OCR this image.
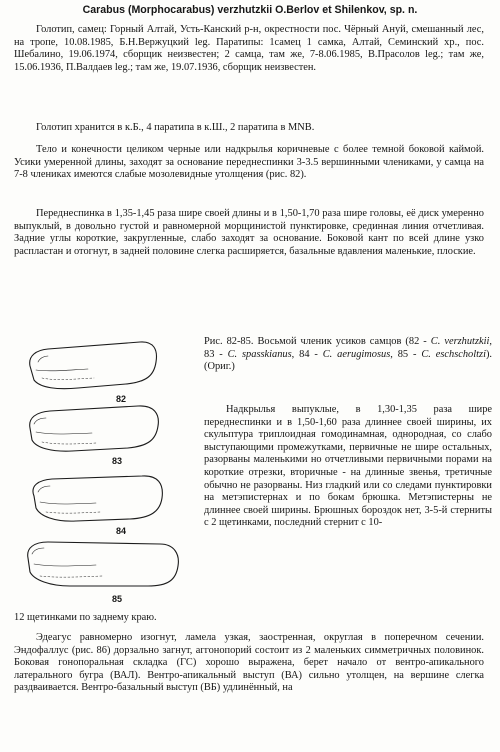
Carabus (Morphocarabus) verzhutzkii O.Berlov et Shilenkov, sp. n.

Голотип, самец: Горный Алтай, Усть-Канский р-н, окрестности пос. Чёрный Ануй, смешанный лес, на тропе, 10.08.1985, Б.Н.Вержуцкий leg. Паратипы: 1самец 1 самка, Алтай, Семинский хр., пос. Шебалино, 19.06.1974, сборщик неизвестен; 2 самца, там же, 7-8.06.1985, В.Прасолов leg.; там же, 15.06.1936, П.Валдаев leg.; там же, 19.07.1936, сборщик неизвестен.

Голотип хранится в к.Б., 4 паратипа в к.Ш., 2 паратипа в MNB.

Тело и конечности целиком черные или надкрылья коричневые с более темной боковой каймой. Усики умеренной длины, заходят за основание переднеспинки 3-3.5 вершинными члениками, у самца на 7-8 члениках имеются слабые мозолевидные утолщения (рис. 82).

Переднеспинка в 1,35-1,45 раза шире своей длины и в 1,50-1,70 раза шире головы, её диск умеренно выпуклый, в довольно густой и равномерной морщинистой пунктировке, срединная линия отчетливая. Задние углы короткие, закругленные, слабо заходят за основание. Боковой кант по всей длине узко распластан и отогнут, в задней половине слегка расширяется, базальные вдавления маленькие, плоские.

Рис. 82-85. Восьмой членик усиков самцов (82 - C. verzhutzkii, 83 - C. spasskianus, 84 - C. aerugimosus, 85 - C. eschscholtzi). (Ориг.)

Надкрылья выпуклые, в 1,30-1,35 раза шире переднеспинки и в 1,50-1,60 раза длиннее своей ширины, их скульптура триплоидная гомодинамная, однородная, со слабо выступающими промежутками, первичные не шире остальных, разорваны маленькими но отчетливыми первичными порами на короткие отрезки, вторичные - на длинные звенья, третичные обычно не разорваны. Низ гладкий или со следами пунктировки на метэпистернах и по бокам брюшка. Метэпистерны не длиннее своей ширины. Брюшных бороздок нет, 3-5-й стерниты с 2 щетинками, последний стернит с 10-

12 щетинками по заднему краю.

Эдеагус равномерно изогнут, ламела узкая, заостренная, округлая в поперечном сечении. Эндофаллус (рис. 86) дорзально загнут, аггонопорий состоит из 2 маленьких симметричных половинок. Боковая гонопоральная складка (ГС) хорошо выражена, берет начало от вентро-апикального латерального бугра (ВАЛ). Вентро-апикальный выступ (ВА) сильно утолщен, на вершине слегка раздваивается. Вентро-базальный выступ (ВБ) удлинённый, на

82
83
84
85
